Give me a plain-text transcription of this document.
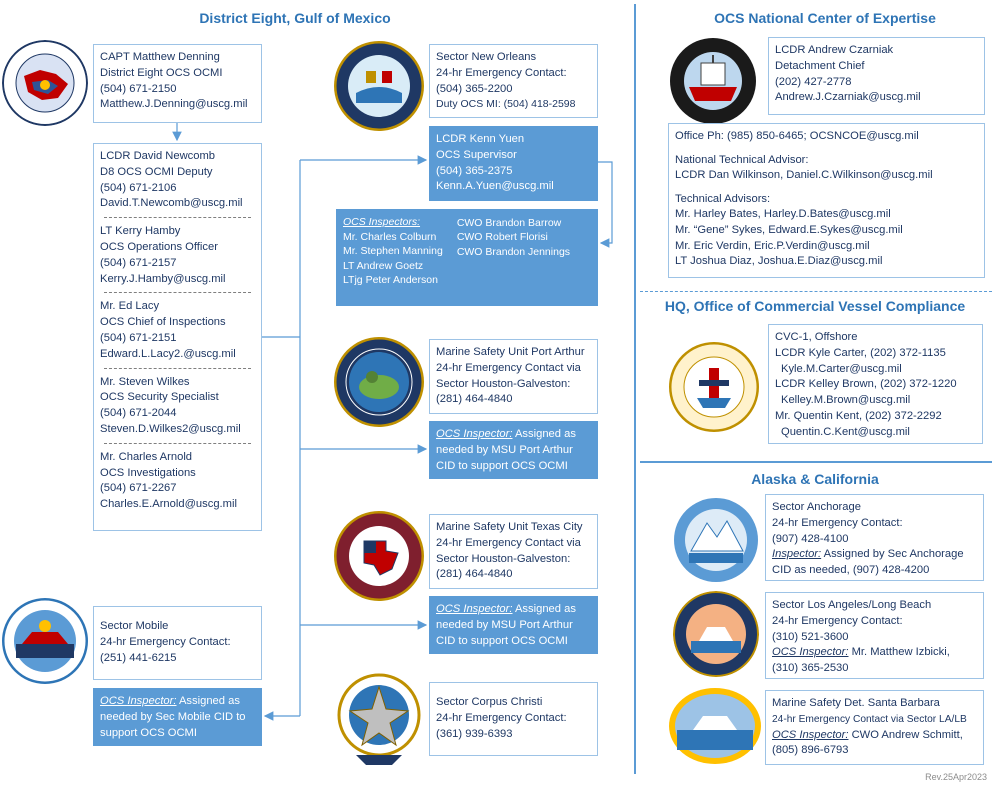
District Eight, Gulf of Mexico	OCS National Center of Expertise
HQ, Office of Commercial Vessel Compliance
Alaska & California
CAPT Matthew Denning
District Eight OCS OCMI
(504) 671-2150
Matthew.J.Denning@uscg.mil
LCDR David Newcomb
D8 OCS OCMI Deputy
(504) 671-2106
David.T.Newcomb@uscg.mil
LT Kerry Hamby
OCS Operations Officer
(504) 671-2157
Kerry.J.Hamby@uscg.mil
Mr. Ed Lacy
OCS Chief of Inspections
(504) 671-2151
Edward.L.Lacy2.@uscg.mil
Mr. Steven Wilkes
OCS Security Specialist
(504) 671-2044
Steven.D.Wilkes2@uscg.mil
Mr. Charles Arnold
OCS Investigations
(504) 671-2267
Charles.E.Arnold@uscg.mil
Sector Mobile
24-hr Emergency Contact:
(251) 441-6215
OCS Inspector: Assigned as
needed by Sec Mobile CID to
support OCS OCMI
Sector New Orleans
24-hr Emergency Contact:
(504) 365-2200
Duty OCS MI: (504) 418-2598
LCDR Kenn Yuen
OCS Supervisor
(504) 365-2375
Kenn.A.Yuen@uscg.mil
OCS Inspectors:
Mr. Charles Colburn
Mr. Stephen Manning
LT Andrew Goetz
LTjg Peter Anderson
CWO Brandon Barrow
CWO Robert Florisi
CWO Brandon Jennings
Marine Safety Unit Port Arthur
24-hr Emergency Contact via
Sector Houston-Galveston:
(281) 464-4840
OCS Inspector: Assigned as
needed by MSU Port Arthur
CID to support OCS OCMI
Marine Safety Unit Texas City
24-hr Emergency Contact via
Sector Houston-Galveston:
(281) 464-4840
OCS Inspector: Assigned as
needed by MSU Port Arthur
CID to support OCS OCMI
Sector Corpus Christi
24-hr Emergency Contact:
(361) 939-6393
LCDR Andrew Czarniak
Detachment Chief
(202) 427-2778
Andrew.J.Czarniak@uscg.mil
Office Ph: (985) 850-6465; OCSNCOE@uscg.mil
National Technical Advisor:
LCDR Dan Wilkinson, Daniel.C.Wilkinson@uscg.mil
Technical Advisors:
Mr. Harley Bates, Harley.D.Bates@uscg.mil
Mr. “Gene” Sykes, Edward.E.Sykes@uscg.mil
Mr. Eric Verdin, Eric.P.Verdin@uscg.mil
LT Joshua Diaz, Joshua.E.Diaz@uscg.mil
CVC-1, Offshore
LCDR Kyle Carter, (202) 372-1135
Kyle.M.Carter@uscg.mil
LCDR Kelley Brown, (202) 372-1220
Kelley.M.Brown@uscg.mil
Mr. Quentin Kent, (202) 372-2292
Quentin.C.Kent@uscg.mil
Sector Anchorage
24-hr Emergency Contact:
(907) 428-4100
Inspector: Assigned by Sec Anchorage
CID as needed, (907) 428-4200
Sector Los Angeles/Long Beach
24-hr Emergency Contact:
(310) 521-3600
OCS Inspector: Mr. Matthew Izbicki,
(310) 365-2530
Marine Safety Det. Santa Barbara
24-hr Emergency Contact via Sector LA/LB
OCS Inspector: CWO Andrew Schmitt,
(805) 896-6793
Rev.25Apr2023
